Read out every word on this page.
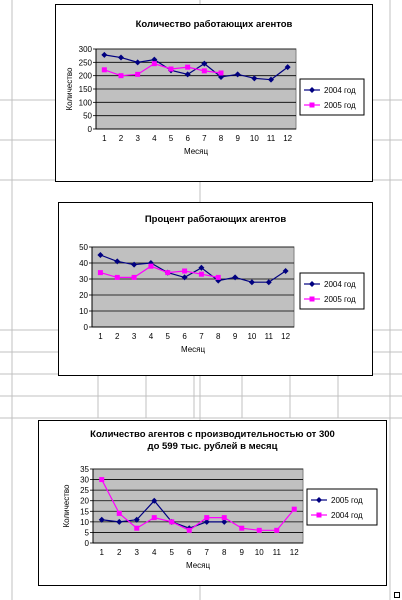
Количество работающих агентов
0
50
100
150
200
250
300
1 2 3 4 5 6 7 8 9 10 11 12
Месяц
Количество	2004 год
2005 год
Процент работающих агентов
0
10
20
30
40
50
1 2 3 4 5 6 7 8 9 10 11 12
Месяц
2004 год
2005 год
Количество агентов с производительностью от 300
до 599 тыс. рублей в месяц
0
5
10
15
20
25
30
35
1 2 3 4 5 6 7 8 9 10 11 12
Месяц
Количество	2005 год
2004 год
